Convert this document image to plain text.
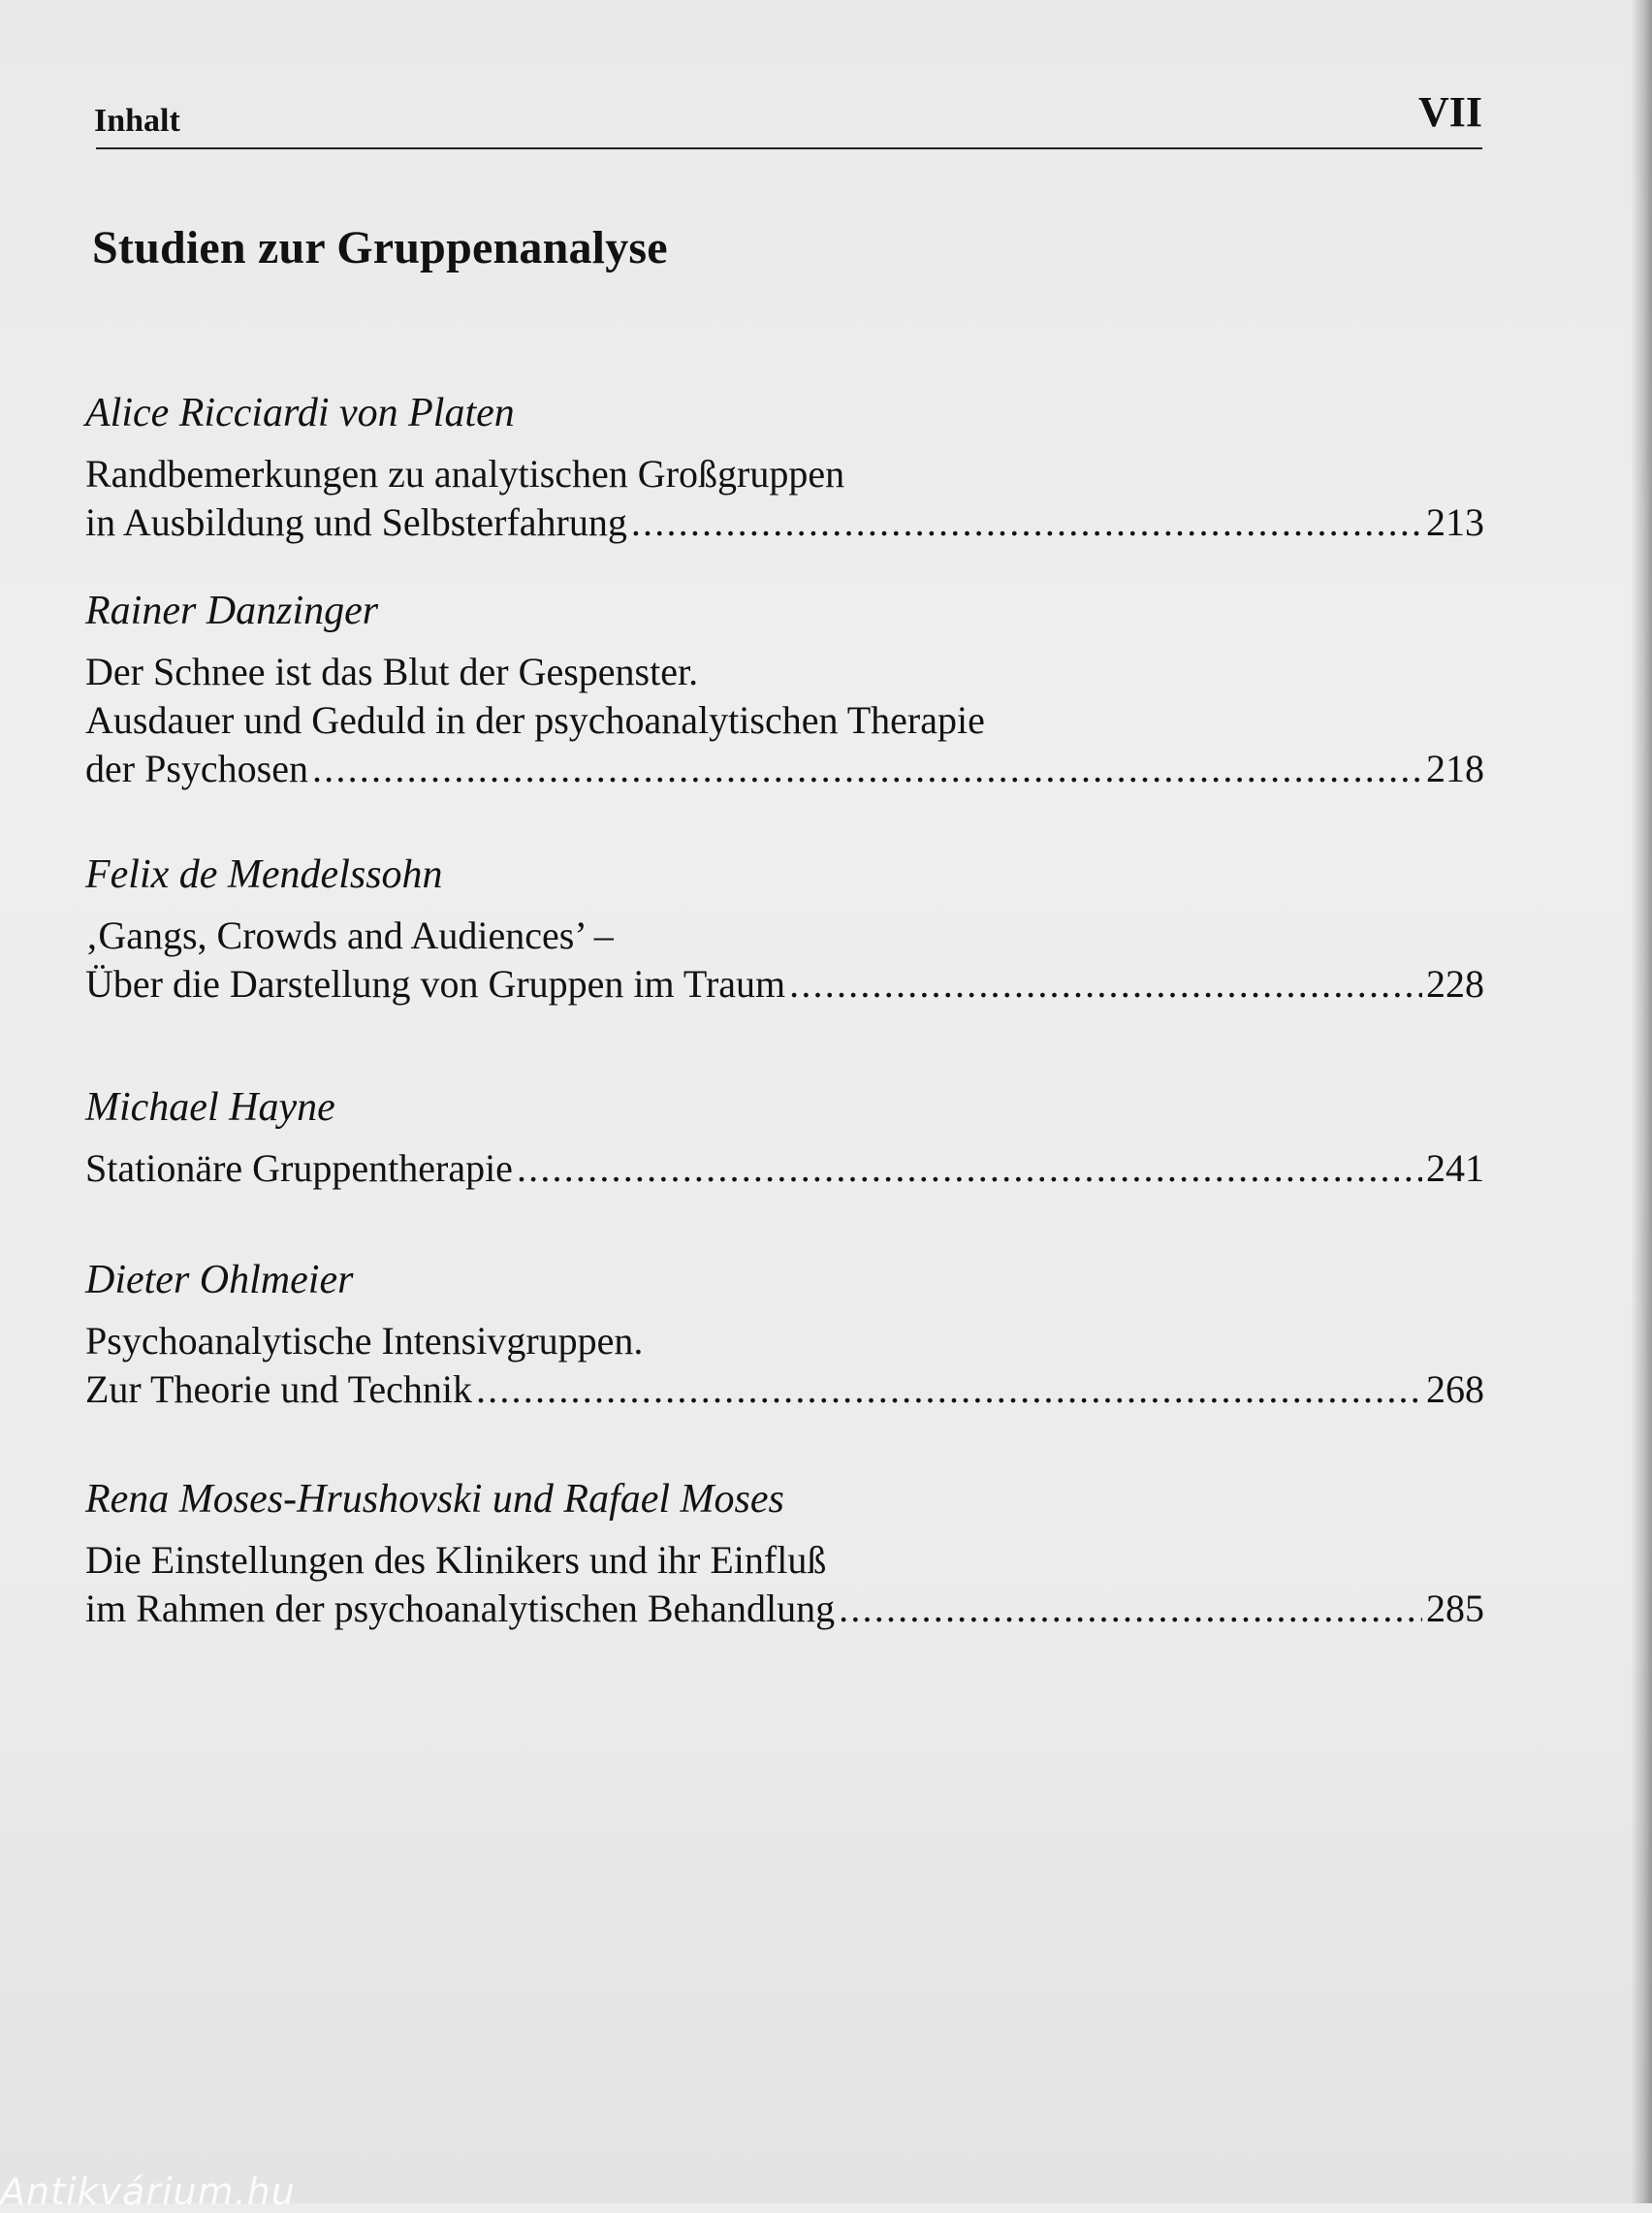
Inhalt	VII
Studien zur Gruppenanalyse
Alice Ricciardi von Platen
Randbemerkungen zu analytischen Großgruppen
in Ausbildung und Selbsterfahrung .....	213
Rainer Danzinger
Der Schnee ist das Blut der Gespenster.
Ausdauer und Geduld in der psychoanalytischen Therapie
der Psychosen .....	218
Felix de Mendelssohn
‚Gangs, Crowds and Audiences’ –
Über die Darstellung von Gruppen im Traum .....	228
Michael Hayne
Stationäre Gruppentherapie .....	241
Dieter Ohlmeier
Psychoanalytische Intensivgruppen.
Zur Theorie und Technik .....	268
Rena Moses-Hrushovski und Rafael Moses
Die Einstellungen des Klinikers und ihr Einfluß
im Rahmen der psychoanalytischen Behandlung .....	285
Antikvárium.hu
